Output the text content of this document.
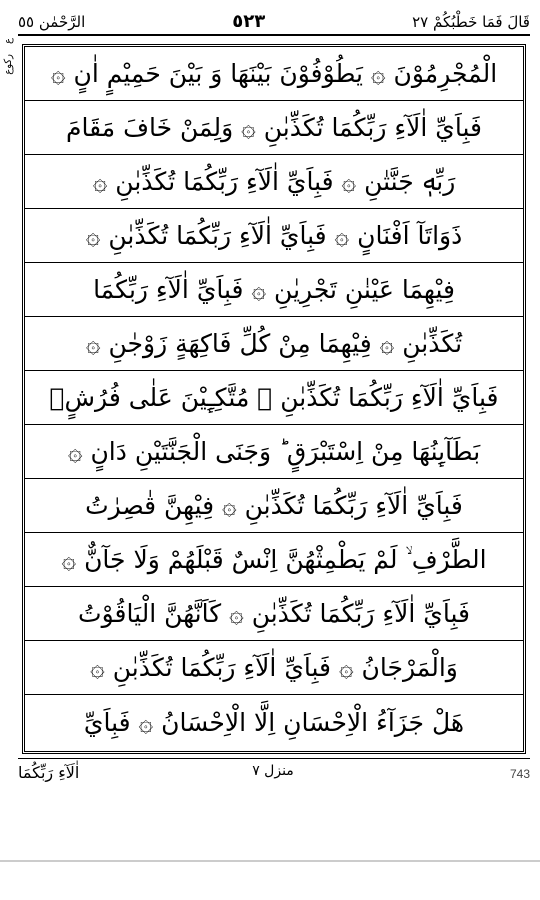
الرَّحْمٰن ٥٥	٥٢٣	قَالَ فَمَا خَطْبُكُمْ ٢٧
ع
ركوع الْمُجْرِمُوْنَ ۞ يَطُوْفُوْنَ بَيْنَهَا وَ بَيْنَ حَمِيْمٍ اٰنٍ ۞
فَبِاَيِّ اٰلَآءِ رَبِّكُمَا تُكَذِّبٰنِ ۞ وَلِمَنْ خَافَ مَقَامَ
رَبِّهٖ جَنَّتٰنِ ۞ فَبِاَيِّ اٰلَآءِ رَبِّكُمَا تُكَذِّبٰنِ ۞
ذَوَاتَآ اَفْنَانٍ ۞ فَبِاَيِّ اٰلَآءِ رَبِّكُمَا تُكَذِّبٰنِ ۞
فِيْهِمَا عَيْنٰنِ تَجْرِيٰنِ ۞ فَبِاَيِّ اٰلَآءِ رَبِّكُمَا
تُكَذِّبٰنِ ۞ فِيْهِمَا مِنْ كُلِّ فَاكِهَةٍ زَوْجٰنِ ۞
فَبِاَيِّ اٰلَآءِ رَبِّكُمَا تُكَذِّبٰنِ ۞ مُتَّكِـِٕيْنَ عَلٰى فُرُشٍۢ
بَطَآىِٕنُهَا مِنْ اِسْتَبْرَقٍ ؕ وَجَنَى الْجَنَّتَيْنِ دَانٍ ۞
فَبِاَيِّ اٰلَآءِ رَبِّكُمَا تُكَذِّبٰنِ ۞ فِيْهِنَّ قٰصِرٰتُ
الطَّرْفِ ۙ لَمْ يَطْمِثْهُنَّ اِنْسٌ قَبْلَهُمْ وَلَا جَآنٌّ ۞
فَبِاَيِّ اٰلَآءِ رَبِّكُمَا تُكَذِّبٰنِ ۞ كَاَنَّهُنَّ الْيَاقُوْتُ
وَالْمَرْجَانُ ۞ فَبِاَيِّ اٰلَآءِ رَبِّكُمَا تُكَذِّبٰنِ ۞
هَلْ جَزَآءُ الْاِحْسَانِ اِلَّا الْاِحْسَانُ ۞ فَبِاَيِّ
اٰلَآءِ رَبِّكُمَا	منزل ٧	743
